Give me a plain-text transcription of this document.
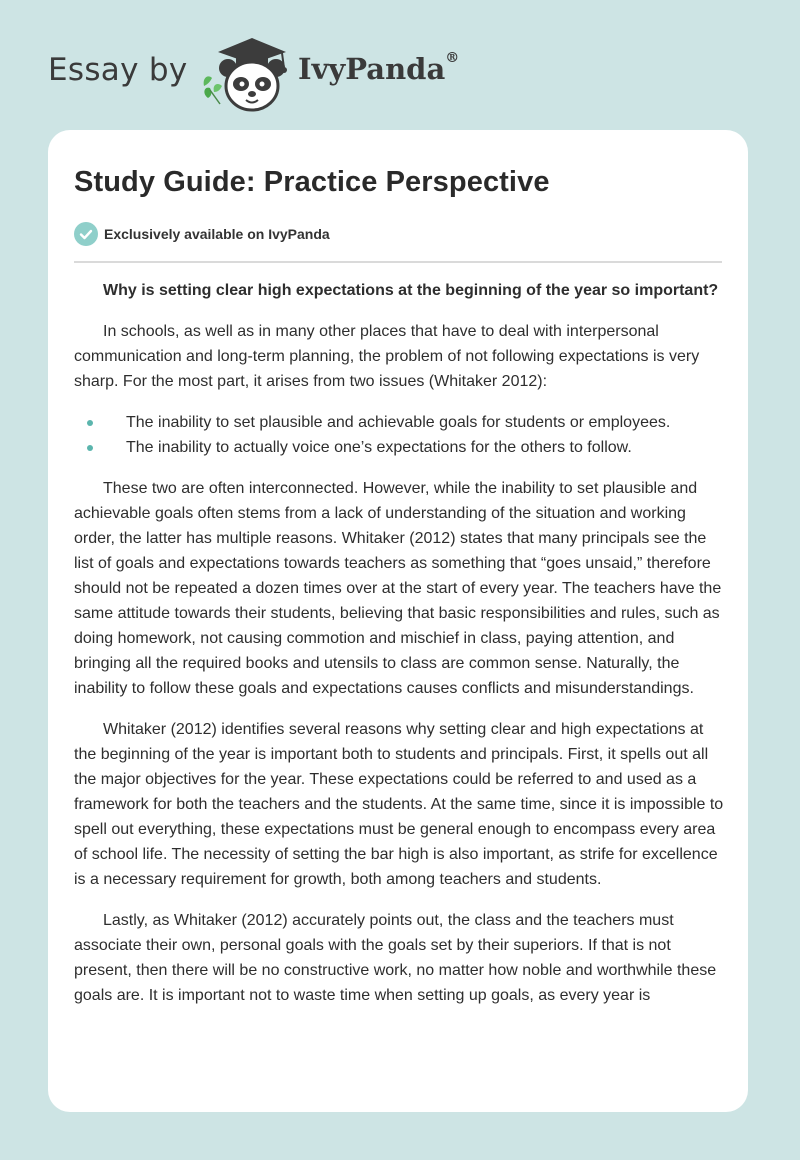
Essay by	IvyPanda®
Study Guide: Practice Perspective
Exclusively available on IvyPanda

Why is setting clear high expectations at the beginning of the year so important?

In schools, as well as in many other places that have to deal with interpersonal communication and long-term planning, the problem of not following expectations is very sharp. For the most part, it arises from two issues (Whitaker 2012):

The inability to set plausible and achievable goals for students or employees.
The inability to actually voice one’s expectations for the others to follow.

These two are often interconnected. However, while the inability to set plausible and achievable goals often stems from a lack of understanding of the situation and working order, the latter has multiple reasons. Whitaker (2012) states that many principals see the list of goals and expectations towards teachers as something that “goes unsaid,” therefore should not be repeated a dozen times over at the start of every year. The teachers have the same attitude towards their students, believing that basic responsibilities and rules, such as doing homework, not causing commotion and mischief in class, paying attention, and bringing all the required books and utensils to class are common sense. Naturally, the inability to follow these goals and expectations causes conflicts and misunderstandings.

Whitaker (2012) identifies several reasons why setting clear and high expectations at the beginning of the year is important both to students and principals. First, it spells out all the major objectives for the year. These expectations could be referred to and used as a framework for both the teachers and the students. At the same time, since it is impossible to spell out everything, these expectations must be general enough to encompass every area of school life. The necessity of setting the bar high is also important, as strife for excellence is a necessary requirement for growth, both among teachers and students.

Lastly, as Whitaker (2012) accurately points out, the class and the teachers must associate their own, personal goals with the goals set by their superiors. If that is not present, then there will be no constructive work, no matter how noble and worthwhile these goals are. It is important not to waste time when setting up goals, as every year is
